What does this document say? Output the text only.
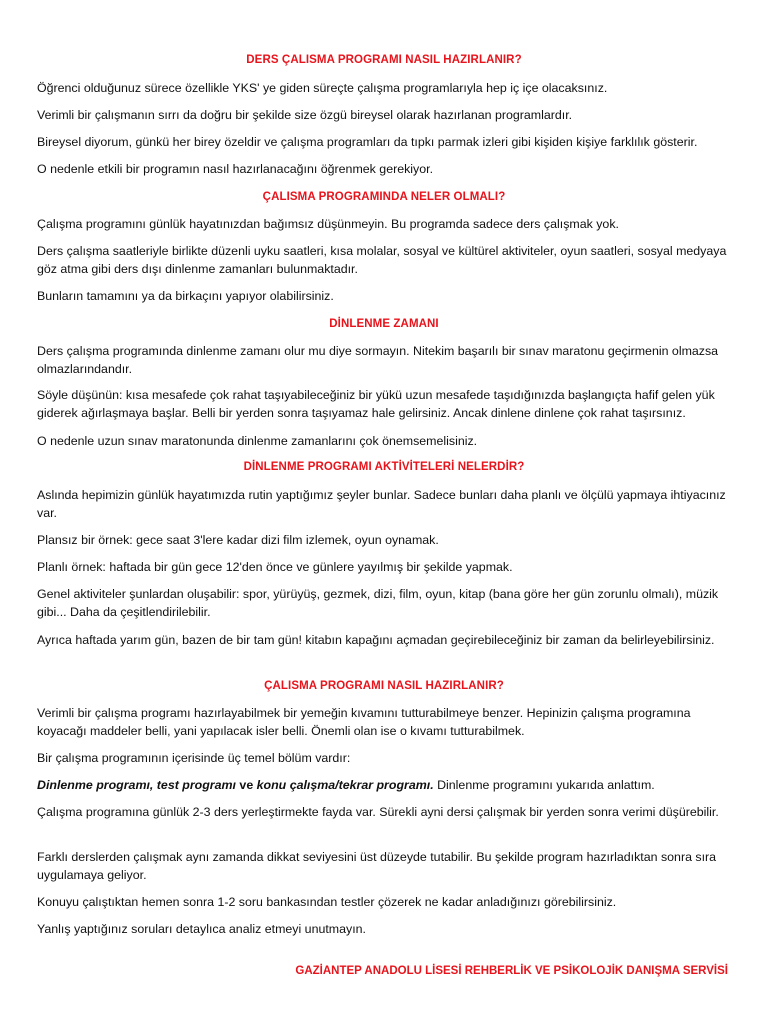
DERS ÇALISMA PROGRAMI NASIL HAZIRLANIR?

Öğrenci olduğunuz sürece özellikle YKS' ye giden süreçte çalışma programlarıyla hep iç içe olacaksınız.

Verimli bir çalışmanın sırrı da doğru bir şekilde size özgü bireysel olarak hazırlanan programlardır.

Bireysel diyorum, günkü her birey özeldir ve çalışma programları da tıpkı parmak izleri gibi kişiden kişiye farklılık gösterir.

O nedenle etkili bir programın nasıl hazırlanacağını öğrenmek gerekiyor.

ÇALISMA PROGRAMINDA NELER OLMALI?

Çalışma programını günlük hayatınızdan bağımsız düşünmeyin. Bu programda sadece ders çalışmak yok.

Ders çalışma saatleriyle birlikte düzenli uyku saatleri, kısa molalar, sosyal ve kültürel aktiviteler, oyun saatleri, sosyal medyaya göz atma gibi ders dışı dinlenme zamanları bulunmaktadır.

Bunların tamamını ya da birkaçını yapıyor olabilirsiniz.

DİNLENME ZAMANI

Ders çalışma programında dinlenme zamanı olur mu diye sormayın. Nitekim başarılı bir sınav maratonu geçirmenin olmazsa olmazlarındandır.

Söyle düşünün: kısa mesafede çok rahat taşıyabileceğiniz bir yükü uzun mesafede taşıdığınızda başlangıçta hafif gelen yük giderek ağırlaşmaya başlar. Belli bir yerden sonra taşıyamaz hale gelirsiniz. Ancak dinlene dinlene çok rahat taşırsınız.

O nedenle uzun sınav maratonunda dinlenme zamanlarını çok önemsemelisiniz.

DİNLENME PROGRAMI AKTİVİTELERİ NELERDİR?

Aslında hepimizin günlük hayatımızda rutin yaptığımız şeyler bunlar. Sadece bunları daha planlı ve ölçülü yapmaya ihtiyacınız var.

Plansız bir örnek: gece saat 3'lere kadar dizi film izlemek, oyun oynamak.

Planlı örnek: haftada bir gün gece 12'den önce ve günlere yayılmış bir şekilde yapmak.

Genel aktiviteler şunlardan oluşabilir: spor, yürüyüş, gezmek, dizi, film, oyun, kitap (bana göre her gün zorunlu olmalı), müzik gibi... Daha da çeşitlendirilebilir.

Ayrıca haftada yarım gün, bazen de bir tam gün! kitabın kapağını açmadan geçirebileceğiniz bir zaman da belirleyebilirsiniz.

ÇALISMA PROGRAMI NASIL HAZIRLANIR?

Verimli bir çalışma programı hazırlayabilmek bir yemeğin kıvamını tutturabilmeye benzer. Hepinizin çalışma programına koyacağı maddeler belli, yani yapılacak isler belli. Önemli olan ise o kıvamı tutturabilmek.

Bir çalışma programının içerisinde üç temel bölüm vardır:

Dinlenme programı, test programı ve konu çalışma/tekrar programı. Dinlenme programını yukarıda anlattım.

Çalışma programına günlük 2-3 ders yerleştirmekte fayda var. Sürekli ayni dersi çalışmak bir yerden sonra verimi düşürebilir.

Farklı derslerden çalışmak aynı zamanda dikkat seviyesini üst düzeyde tutabilir. Bu şekilde program hazırladıktan sonra sıra uygulamaya geliyor.

Konuyu çalıştıktan hemen sonra 1-2 soru bankasından testler çözerek ne kadar anladığınızı görebilirsiniz.

Yanlış yaptığınız soruları detaylıca analiz etmeyi unutmayın.

GAZİANTEP ANADOLU LİSESİ REHBERLİK VE PSİKOLOJİK DANIŞMA SERVİSİ
